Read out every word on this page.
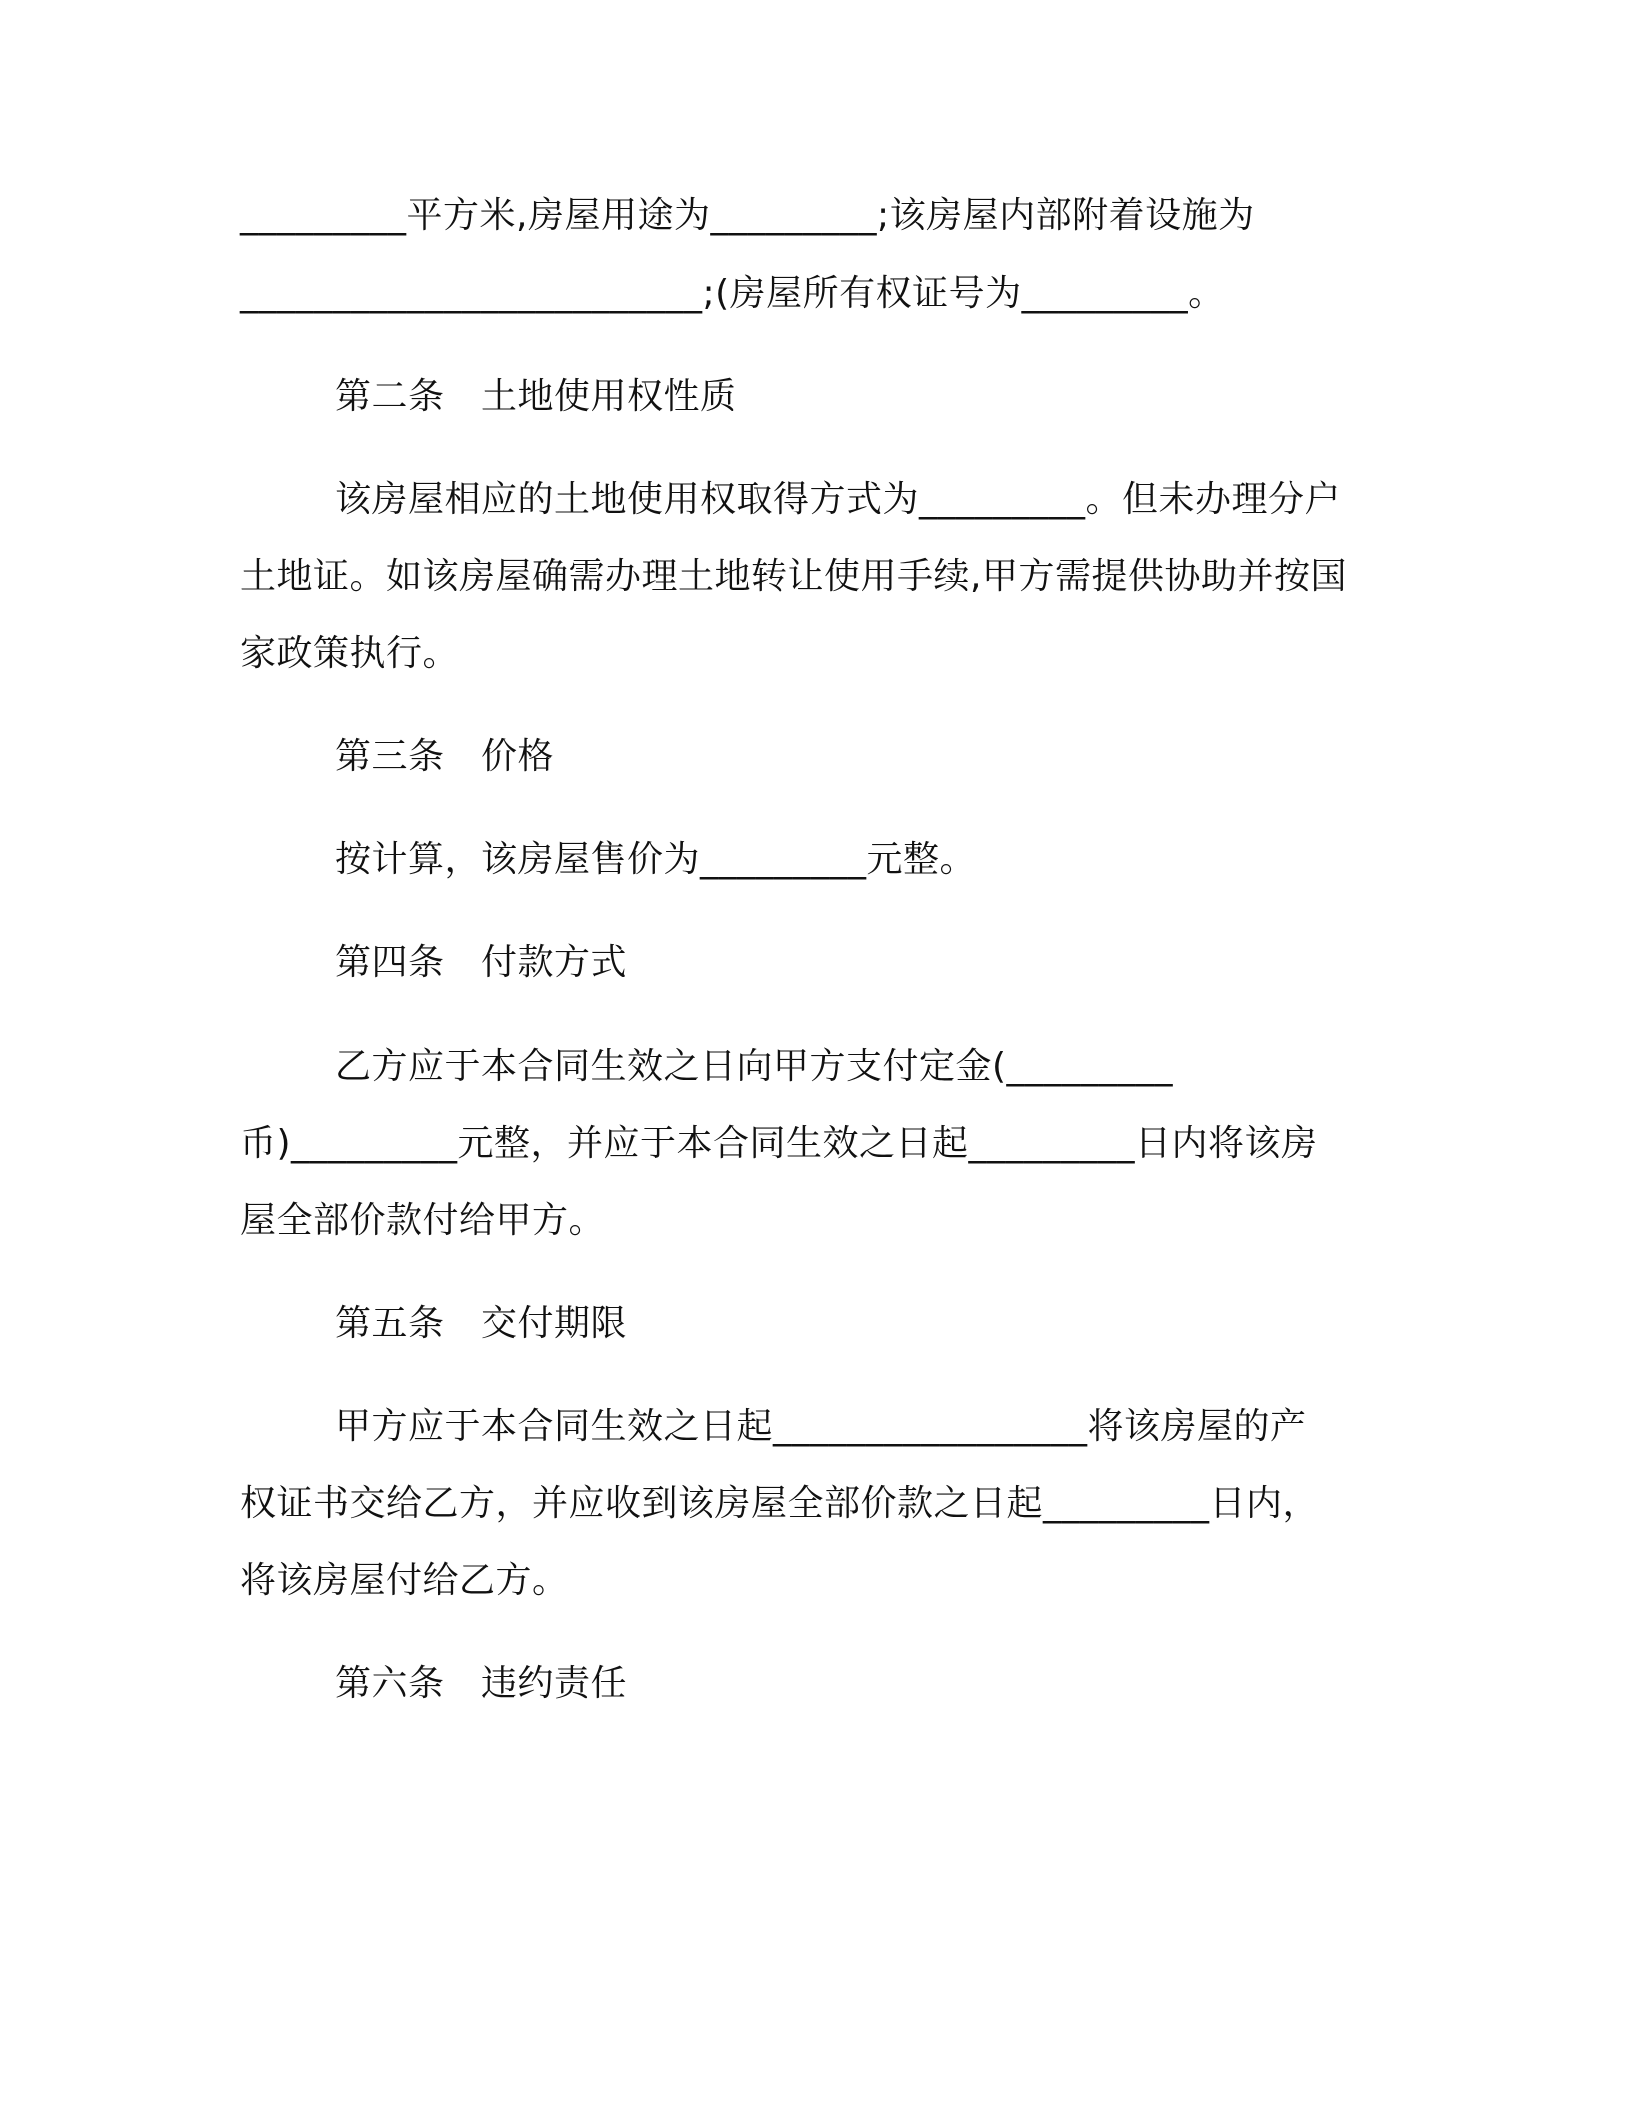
_________平方米,房屋用途为_________;该房屋内部附着设施为
_________________________;(房屋所有权证号为_________。
第二条　土地使用权性质
该房屋相应的土地使用权取得方式为_________。但未办理分户
土地证。如该房屋确需办理土地转让使用手续,甲方需提供协助并按国
家政策执行。
第三条　价格
按计算，该房屋售价为_________元整。
第四条　付款方式
乙方应于本合同生效之日向甲方支付定金(_________
币)_________元整，并应于本合同生效之日起_________日内将该房
屋全部价款付给甲方。
第五条　交付期限
甲方应于本合同生效之日起_________________将该房屋的产
权证书交给乙方，并应收到该房屋全部价款之日起_________日内，
将该房屋付给乙方。
第六条　违约责任
